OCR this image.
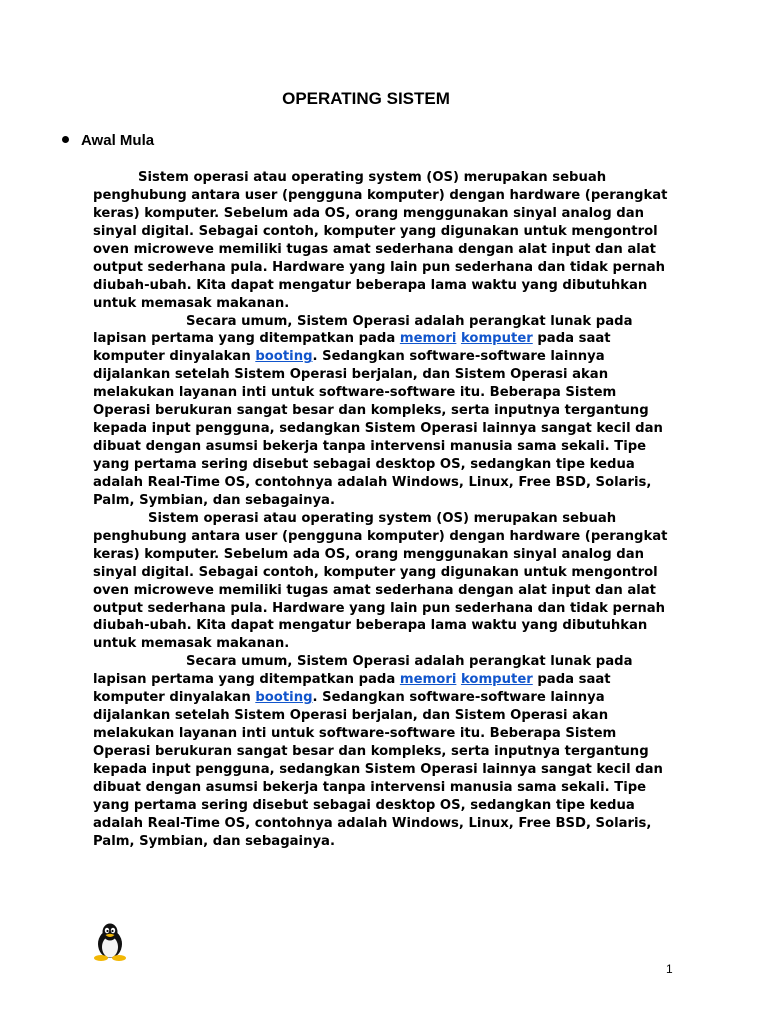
OPERATING SISTEM
Awal Mula

Sistem operasi atau operating system (OS) merupakan sebuah penghubung antara user (pengguna komputer) dengan hardware (perangkat keras) komputer. Sebelum ada OS, orang menggunakan sinyal analog dan sinyal digital. Sebagai contoh, komputer yang digunakan untuk mengontrol oven microweve memiliki tugas amat sederhana dengan alat input dan alat output sederhana pula. Hardware yang lain pun sederhana dan tidak pernah diubah-ubah. Kita dapat mengatur beberapa lama waktu yang dibutuhkan untuk memasak makanan.

Secara umum, Sistem Operasi adalah perangkat lunak pada lapisan pertama yang ditempatkan pada memori komputer pada saat komputer dinyalakan booting. Sedangkan software-software lainnya dijalankan setelah Sistem Operasi berjalan, dan Sistem Operasi akan melakukan layanan inti untuk software-software itu. Beberapa Sistem Operasi berukuran sangat besar dan kompleks, serta inputnya tergantung kepada input pengguna, sedangkan Sistem Operasi lainnya sangat kecil dan dibuat dengan asumsi bekerja tanpa intervensi manusia sama sekali. Tipe yang pertama sering disebut sebagai desktop OS, sedangkan tipe kedua adalah Real-Time OS, contohnya adalah Windows, Linux, Free BSD, Solaris, Palm, Symbian, dan sebagainya.

Sistem operasi atau operating system (OS) merupakan sebuah penghubung antara user (pengguna komputer) dengan hardware (perangkat keras) komputer. Sebelum ada OS, orang menggunakan sinyal analog dan sinyal digital. Sebagai contoh, komputer yang digunakan untuk mengontrol oven microweve memiliki tugas amat sederhana dengan alat input dan alat output sederhana pula. Hardware yang lain pun sederhana dan tidak pernah diubah-ubah. Kita dapat mengatur beberapa lama waktu yang dibutuhkan untuk memasak makanan.

Secara umum, Sistem Operasi adalah perangkat lunak pada lapisan pertama yang ditempatkan pada memori komputer pada saat komputer dinyalakan booting. Sedangkan software-software lainnya dijalankan setelah Sistem Operasi berjalan, dan Sistem Operasi akan melakukan layanan inti untuk software-software itu. Beberapa Sistem Operasi berukuran sangat besar dan kompleks, serta inputnya tergantung kepada input pengguna, sedangkan Sistem Operasi lainnya sangat kecil dan dibuat dengan asumsi bekerja tanpa intervensi manusia sama sekali. Tipe yang pertama sering disebut sebagai desktop OS, sedangkan tipe kedua adalah Real-Time OS, contohnya adalah Windows, Linux, Free BSD, Solaris, Palm, Symbian, dan sebagainya.

1
